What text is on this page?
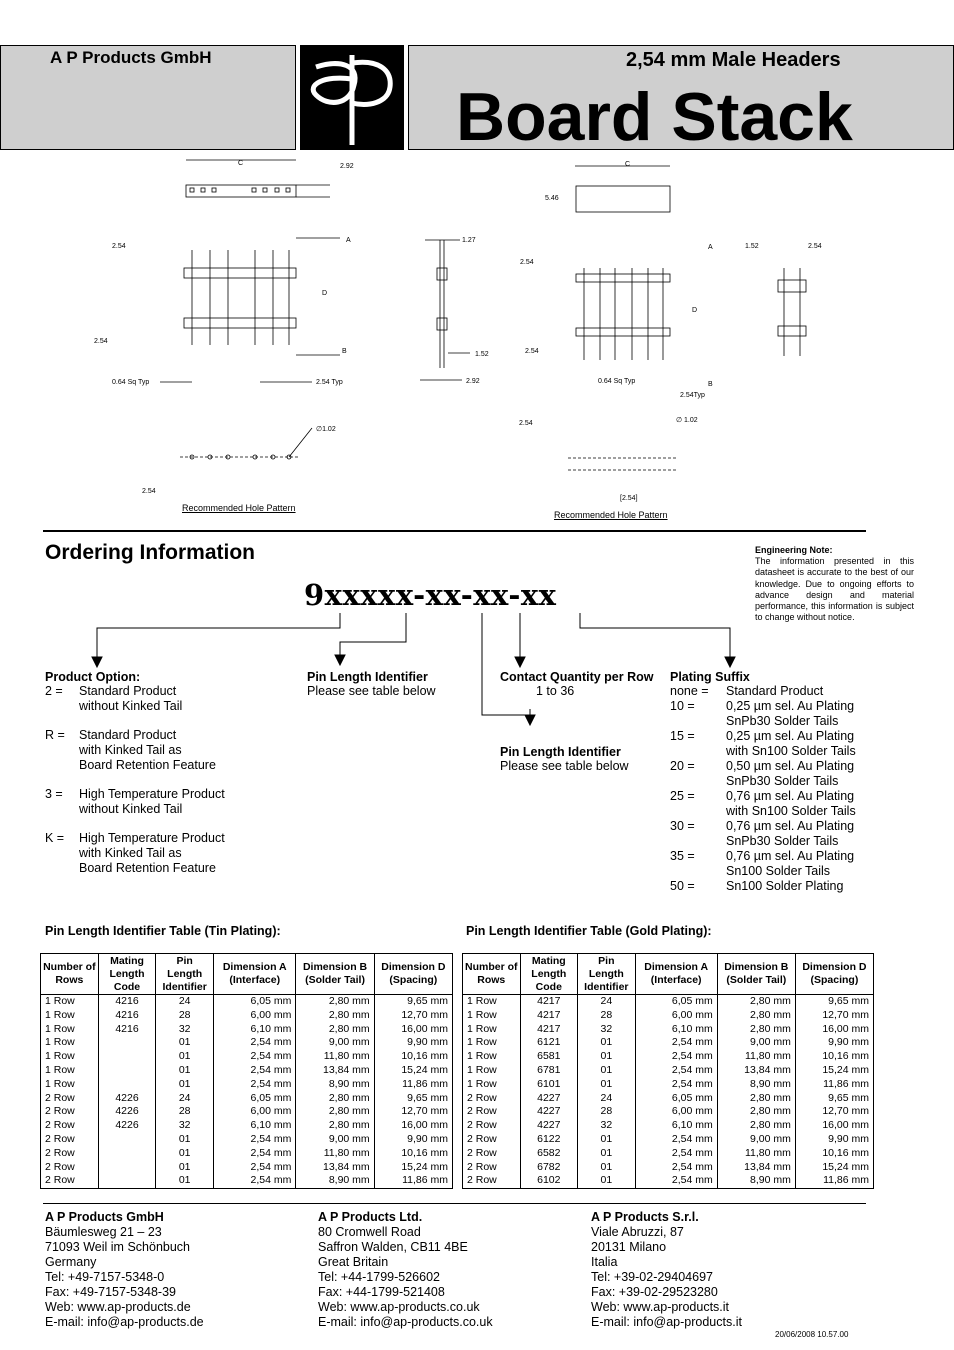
A P Products GmbH	2,54 mm Male Headers
Board Stack
C	2.92
2.54
2.54
A
D
B
0.64 Sq Typ	2.54 Typ
1.27
1.52
2.92
∅1.02
2.54
C
5.46
2.54
2.54
A
D
B
0.64 Sq Typ
2.54Typ
1.52	2.54
∅ 1.02
2.54
[2.54]
Recommended Hole Pattern
Recommended Hole Pattern
Ordering Information	Engineering Note:
The information presented in this datasheet is accurate to the best of our knowledge. Due to ongoing efforts to advance design and material performance, this information is subject to change without notice.
9xxxxx-xx-xx-xx
Product Option:
2 =	Standard Product
without Kinked Tail
R =	Standard Product
with Kinked Tail as
Board Retention Feature
3 =	High Temperature Product
without Kinked Tail
K =	High Temperature Product
with Kinked Tail as
Board Retention Feature
Pin Length Identifier
Please see table below
Contact Quantity per Row
1 to 36
Pin Length Identifier
Please see table below
Plating Suffix
none =	Standard Product
10 =	0,25 µm sel. Au Plating
SnPb30 Solder Tails
15 =	0,25 µm sel. Au Plating
with Sn100 Solder Tails
20 =	0,50 µm sel. Au Plating
SnPb30 Solder Tails
25 =	0,76 µm sel. Au Plating
with Sn100 Solder Tails
30 =	0,76 µm sel. Au Plating
SnPb30 Solder Tails
35 =	0,76 µm sel. Au Plating
Sn100 Solder Tails
50 =	Sn100 Solder Plating
Pin Length Identifier Table (Tin Plating):	Pin Length Identifier Table (Gold Plating):
Number of Rows	Mating Length Code	Pin Length Identifier	Dimension A (Interface)	Dimension B (Solder Tail)	Dimension D (Spacing)
1 Row	4216	24	6,05 mm	2,80 mm	9,65 mm
1 Row	4216	28	6,00 mm	2,80 mm	12,70 mm
1 Row	4216	32	6,10 mm	2,80 mm	16,00 mm
1 Row		01	2,54 mm	9,00 mm	9,90 mm
1 Row		01	2,54 mm	11,80 mm	10,16 mm
1 Row		01	2,54 mm	13,84 mm	15,24 mm
1 Row		01	2,54 mm	8,90 mm	11,86 mm
2 Row	4226	24	6,05 mm	2,80 mm	9,65 mm
2 Row	4226	28	6,00 mm	2,80 mm	12,70 mm
2 Row	4226	32	6,10 mm	2,80 mm	16,00 mm
2 Row		01	2,54 mm	9,00 mm	9,90 mm
2 Row		01	2,54 mm	11,80 mm	10,16 mm
2 Row		01	2,54 mm	13,84 mm	15,24 mm
2 Row		01	2,54 mm	8,90 mm	11,86 mm
Number of Rows	Mating Length Code	Pin Length Identifier	Dimension A (Interface)	Dimension B (Solder Tail)	Dimension D (Spacing)
1 Row	4217	24	6,05 mm	2,80 mm	9,65 mm
1 Row	4217	28	6,00 mm	2,80 mm	12,70 mm
1 Row	4217	32	6,10 mm	2,80 mm	16,00 mm
1 Row	6121	01	2,54 mm	9,00 mm	9,90 mm
1 Row	6581	01	2,54 mm	11,80 mm	10,16 mm
1 Row	6781	01	2,54 mm	13,84 mm	15,24 mm
1 Row	6101	01	2,54 mm	8,90 mm	11,86 mm
2 Row	4227	24	6,05 mm	2,80 mm	9,65 mm
2 Row	4227	28	6,00 mm	2,80 mm	12,70 mm
2 Row	4227	32	6,10 mm	2,80 mm	16,00 mm
2 Row	6122	01	2,54 mm	9,00 mm	9,90 mm
2 Row	6582	01	2,54 mm	11,80 mm	10,16 mm
2 Row	6782	01	2,54 mm	13,84 mm	15,24 mm
2 Row	6102	01	2,54 mm	8,90 mm	11,86 mm
A P Products GmbH
Bäumlesweg 21 – 23
71093 Weil im Schönbuch
Germany
Tel: +49-7157-5348-0
Fax: +49-7157-5348-39
Web: www.ap-products.de
E-mail: info@ap-products.de
A P Products Ltd.
80 Cromwell Road
Saffron Walden, CB11 4BE
Great Britain
Tel: +44-1799-526602
Fax: +44-1799-521408
Web: www.ap-products.co.uk
E-mail: info@ap-products.co.uk
A P Products S.r.l.
Viale Abruzzi, 87
20131 Milano
Italia
Tel: +39-02-29404697
Fax: +39-02-29523280
Web: www.ap-products.it
E-mail: info@ap-products.it
20/06/2008 10.57.00
